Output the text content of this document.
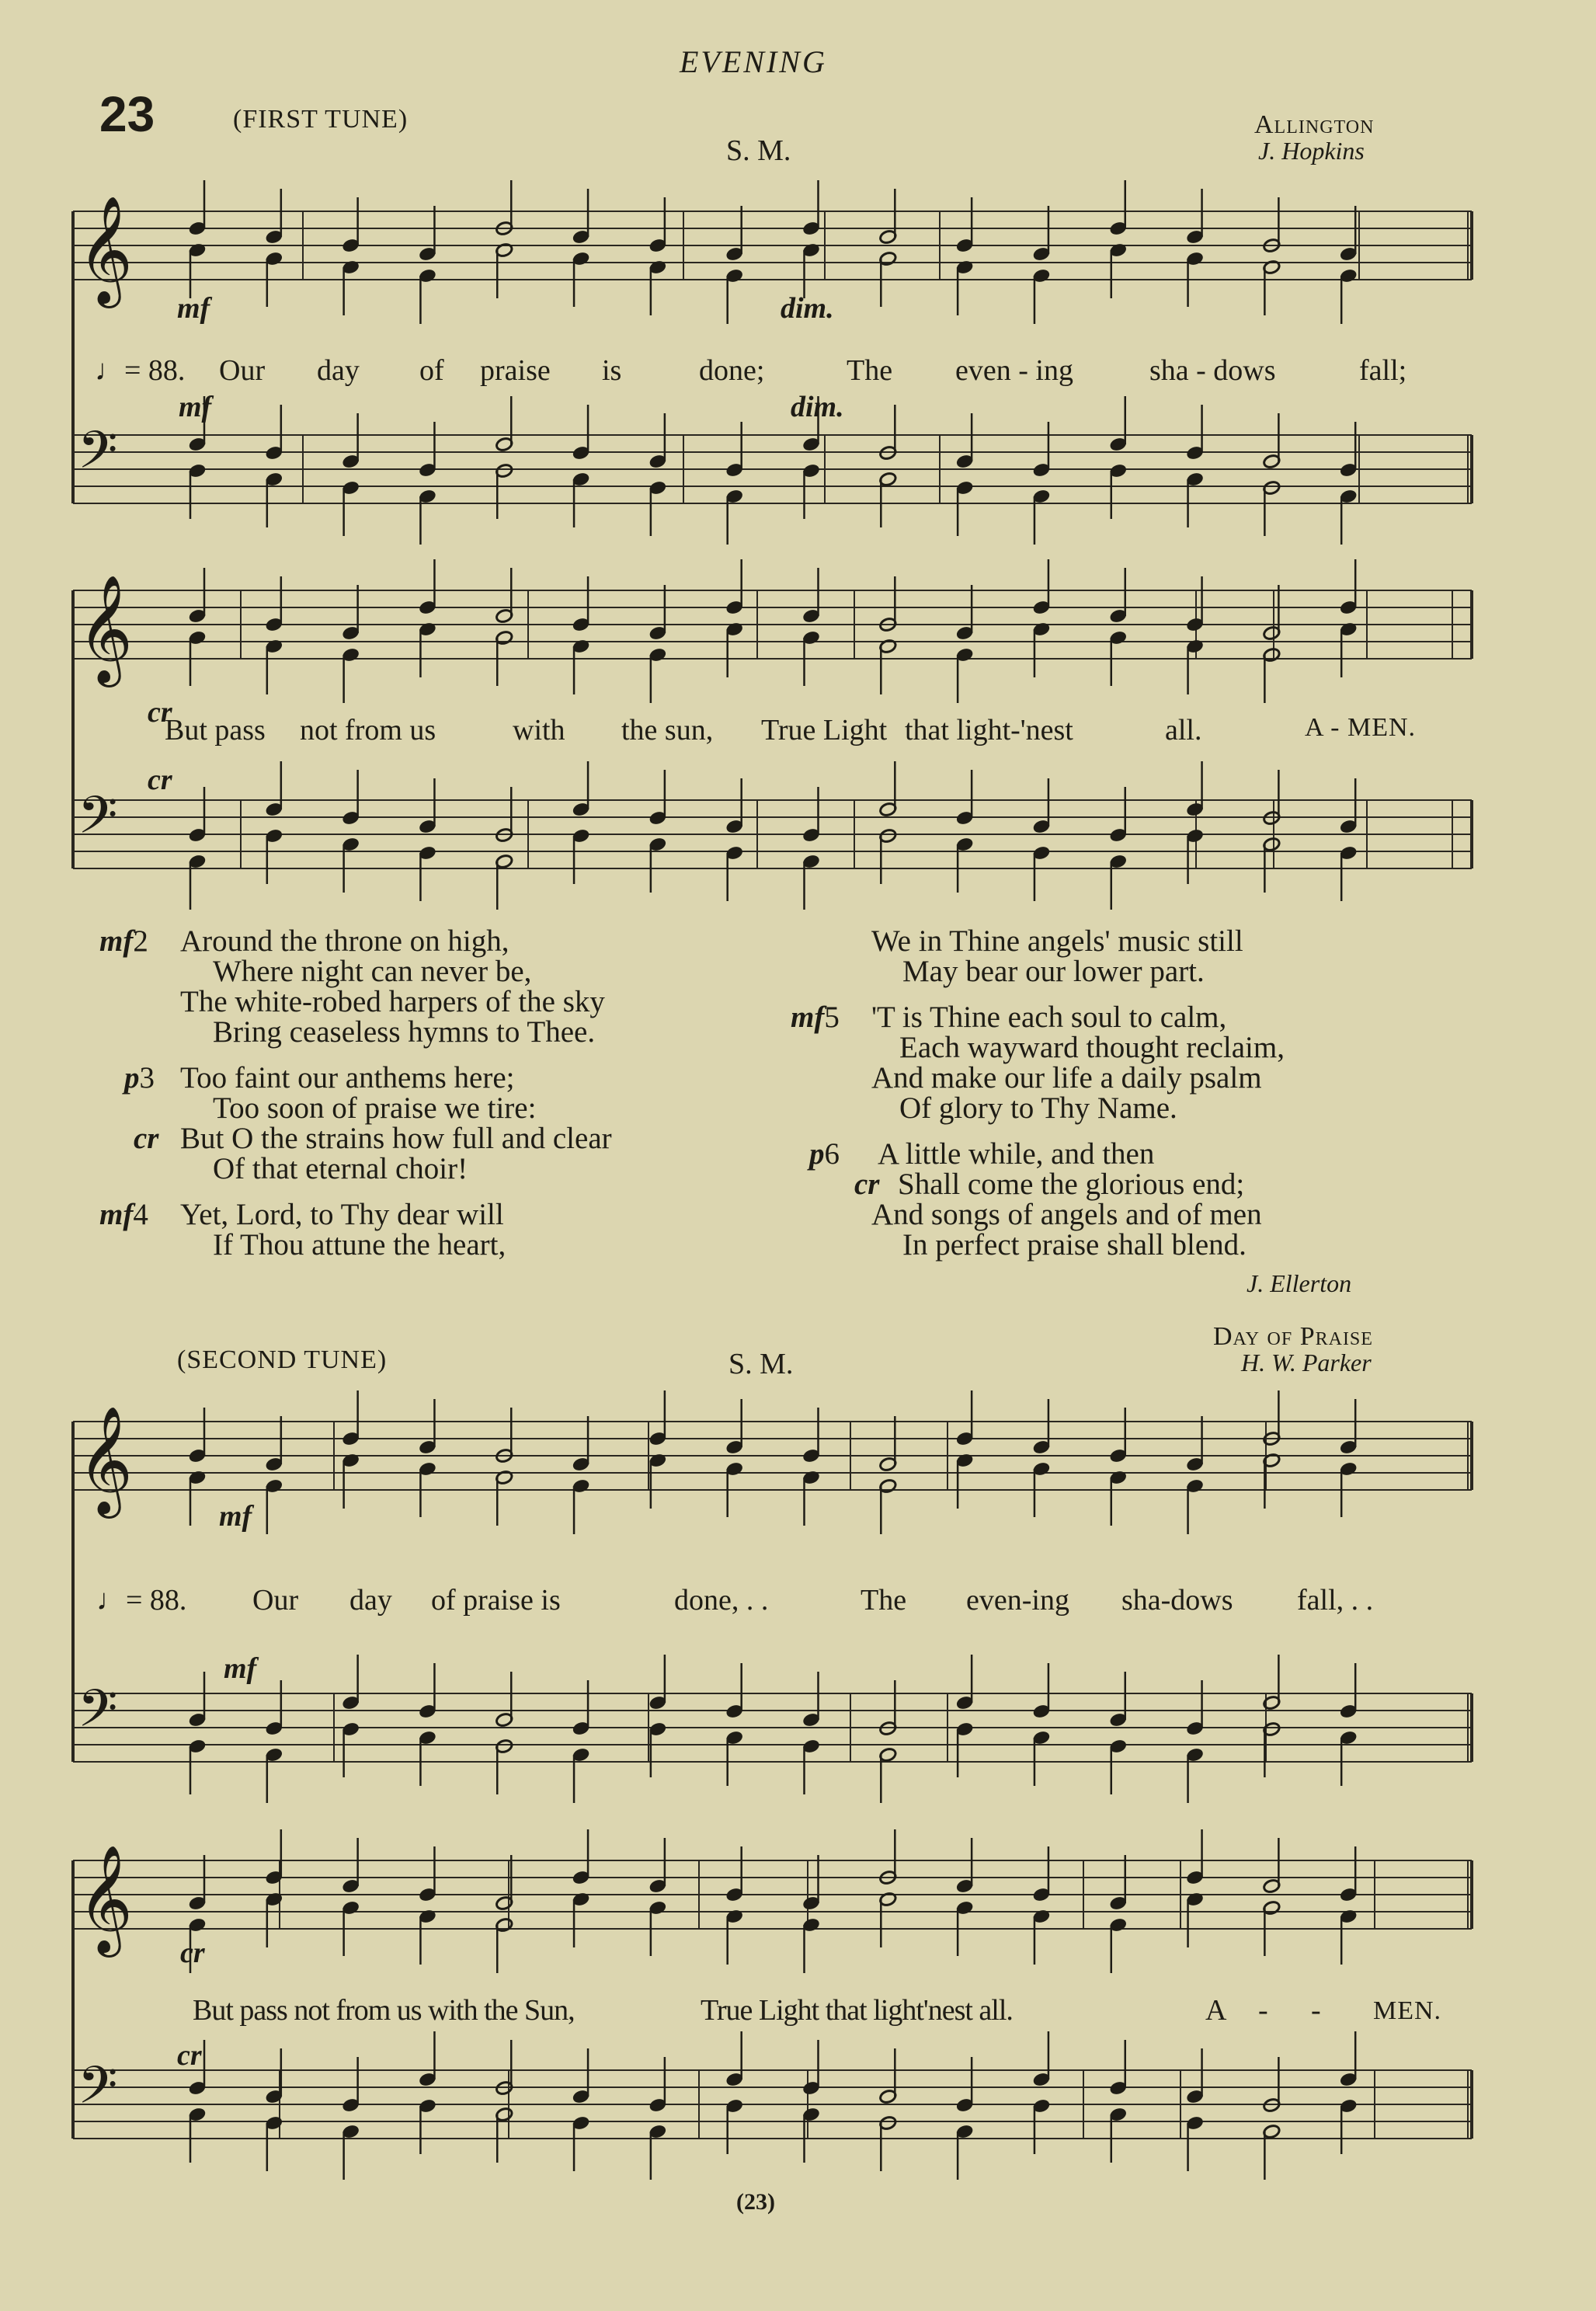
EVENING
23	(FIRST TUNE)
S. M.
Allington
J. Hopkins
𝄞
𝄢
𝄞
𝄢
𝄞
𝄢
𝄞
𝄢
mf	dim.
mf	dim.
cr
cr
♩= 88. Our day of praise is	done;	The even - ing	sha - dows	fall;
But pass not from us	with the sun, True Light that light-'nest	all.	A - MEN.
mf2 Around the throne on high,
Where night can never be,
The white-robed harpers of the sky
Bring ceaseless hymns to Thee.
p3 Too faint our anthems here;
Too soon of praise we tire:
cr But O the strains how full and clear
Of that eternal choir!
mf4 Yet, Lord, to Thy dear will
If Thou attune the heart,
We in Thine angels' music still
May bear our lower part.
mf5 'T is Thine each soul to calm,
Each wayward thought reclaim,
And make our life a daily psalm
Of glory to Thy Name.
p6 A little while, and then
cr Shall come the glorious end;
And songs of angels and of men
In perfect praise shall blend.
J. Ellerton
(SECOND TUNE)	S. M.
Day of Praise
H. W. Parker
mf
mf
cr
cr
♩= 88. Our day of praise is	done, . .	The even-ing sha-dows fall, . .
But pass not from us with the Sun,	True Light that light'nest all.	A - - MEN.
(23)
